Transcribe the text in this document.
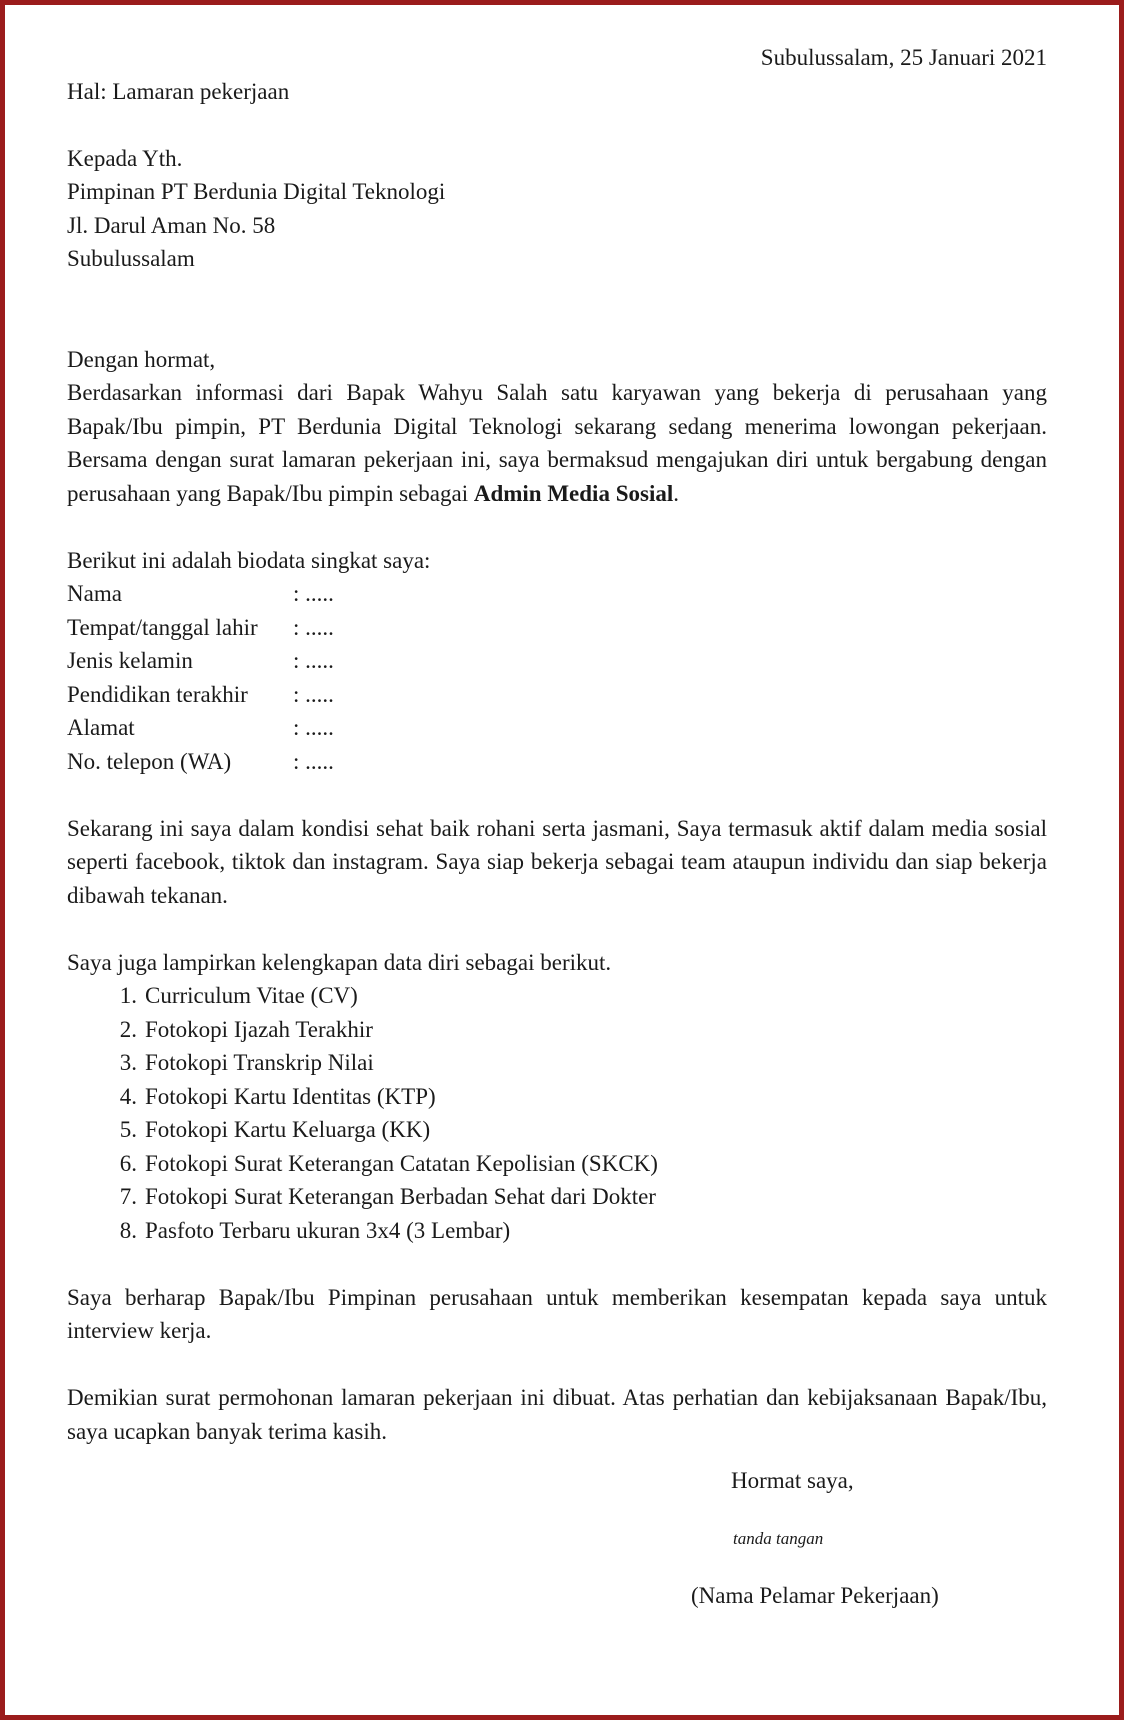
Subulussalam, 25 Januari 2021
Hal: Lamaran pekerjaan
Kepada Yth.
Pimpinan PT Berdunia Digital Teknologi
Jl. Darul Aman No. 58
Subulussalam
Dengan hormat,

Berdasarkan informasi dari Bapak Wahyu Salah satu karyawan yang bekerja di perusahaan yang Bapak/Ibu pimpin, PT Berdunia Digital Teknologi sekarang sedang menerima lowongan pekerjaan. Bersama dengan surat lamaran pekerjaan ini, saya bermaksud mengajukan diri untuk bergabung dengan perusahaan yang Bapak/Ibu pimpin sebagai Admin Media Sosial.

Berikut ini adalah biodata singkat saya:
Nama	: .....
Tempat/tanggal lahir	: .....
Jenis kelamin	: .....
Pendidikan terakhir	: .....
Alamat	: .....
No. telepon (WA)	: .....

Sekarang ini saya dalam kondisi sehat baik rohani serta jasmani, Saya termasuk aktif dalam media sosial seperti facebook, tiktok dan instagram. Saya siap bekerja sebagai team ataupun individu dan siap bekerja dibawah tekanan.

Saya juga lampirkan kelengkapan data diri sebagai berikut.
1. Curriculum Vitae (CV)
2. Fotokopi Ijazah Terakhir
3. Fotokopi Transkrip Nilai
4. Fotokopi Kartu Identitas (KTP)
5. Fotokopi Kartu Keluarga (KK)
6. Fotokopi Surat Keterangan Catatan Kepolisian (SKCK)
7. Fotokopi Surat Keterangan Berbadan Sehat dari Dokter
8. Pasfoto Terbaru ukuran 3x4 (3 Lembar)

Saya berharap Bapak/Ibu Pimpinan perusahaan untuk memberikan kesempatan kepada saya untuk interview kerja.

Demikian surat permohonan lamaran pekerjaan ini dibuat. Atas perhatian dan kebijaksanaan Bapak/Ibu, saya ucapkan banyak terima kasih.

Hormat saya,
tanda tangan
(Nama Pelamar Pekerjaan)
